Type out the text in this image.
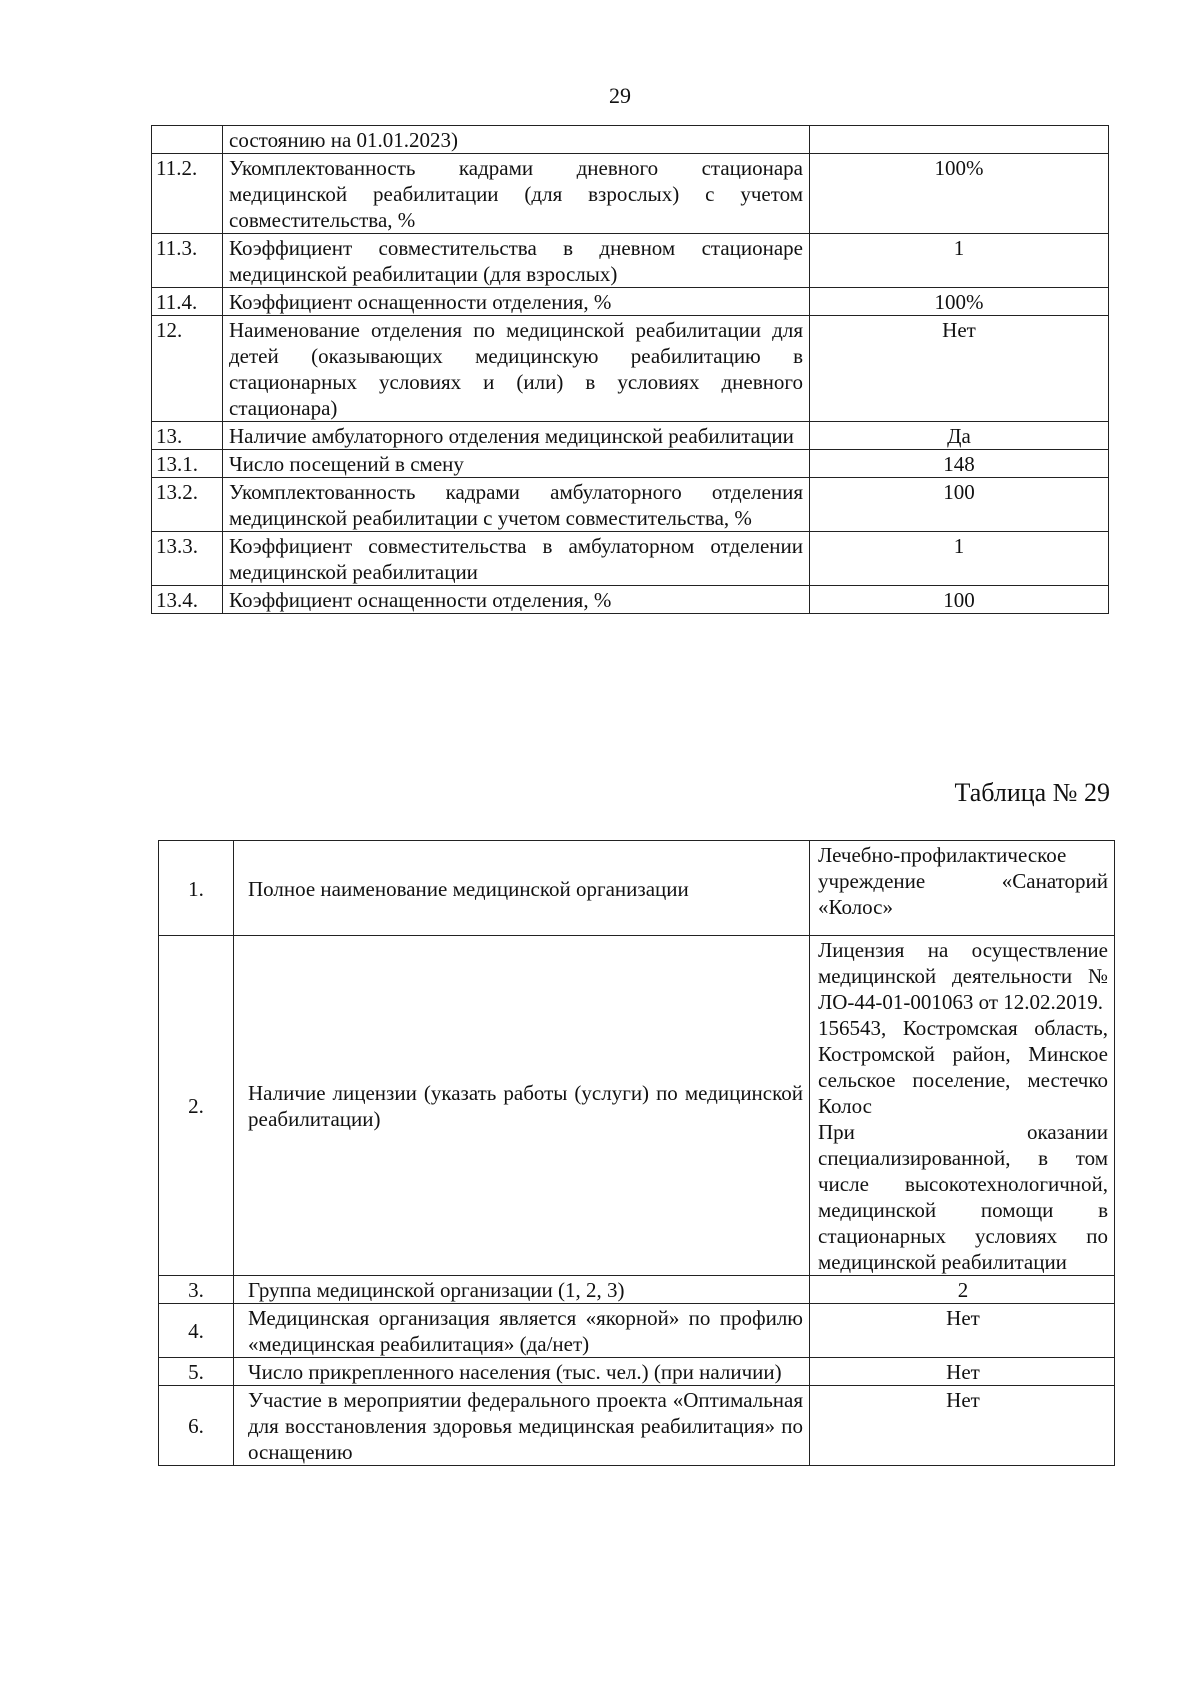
29
	состоянию на 01.01.2023)	
11.2.	Укомплектованность кадрами дневного стационара медицинской реабилитации (для взрослых) с учетом совместительства, %	100%
11.3.	Коэффициент совместительства в дневном стационаре медицинской реабилитации (для взрослых)	1
11.4.	Коэффициент оснащенности отделения, %	100%
12.	Наименование отделения по медицинской реабилитации для детей (оказывающих медицинскую реабилитацию в стационарных условиях и (или) в условиях дневного стационара)	Нет
13.	Наличие амбулаторного отделения медицинской реабилитации	Да
13.1.	Число посещений в смену	148
13.2.	Укомплектованность кадрами амбулаторного отделения медицинской реабилитации с учетом совместительства, %	100
13.3.	Коэффициент совместительства в амбулаторном отделении медицинской реабилитации	1
13.4.	Коэффициент оснащенности отделения, %	100
Таблица № 29
1.	Полное наименование медицинской организации	Лечебно-профилактическое учреждение «Санаторий «Колос»
2.	Наличие лицензии (указать работы (услуги) по медицинской реабилитации)	Лицензия на осуществление медицинской деятельности № ЛО-44-01-001063 от 12.02.2019.
156543, Костромская область, Костромской район, Минское сельское поселение, местечко Колос
При оказании специализированной, в том числе высокотехнологичной, медицинской помощи в стационарных условиях по медицинской реабилитации

3.	Группа медицинской организации (1, 2, 3)	2
4.	Медицинская организация является «якорной» по профилю «медицинская реабилитация» (да/нет)	Нет
5.	Число прикрепленного населения (тыс. чел.) (при наличии)	Нет
6.	Участие в мероприятии федерального проекта «Оптимальная для восстановления здоровья медицинская реабилитация» по оснащению	Нет
